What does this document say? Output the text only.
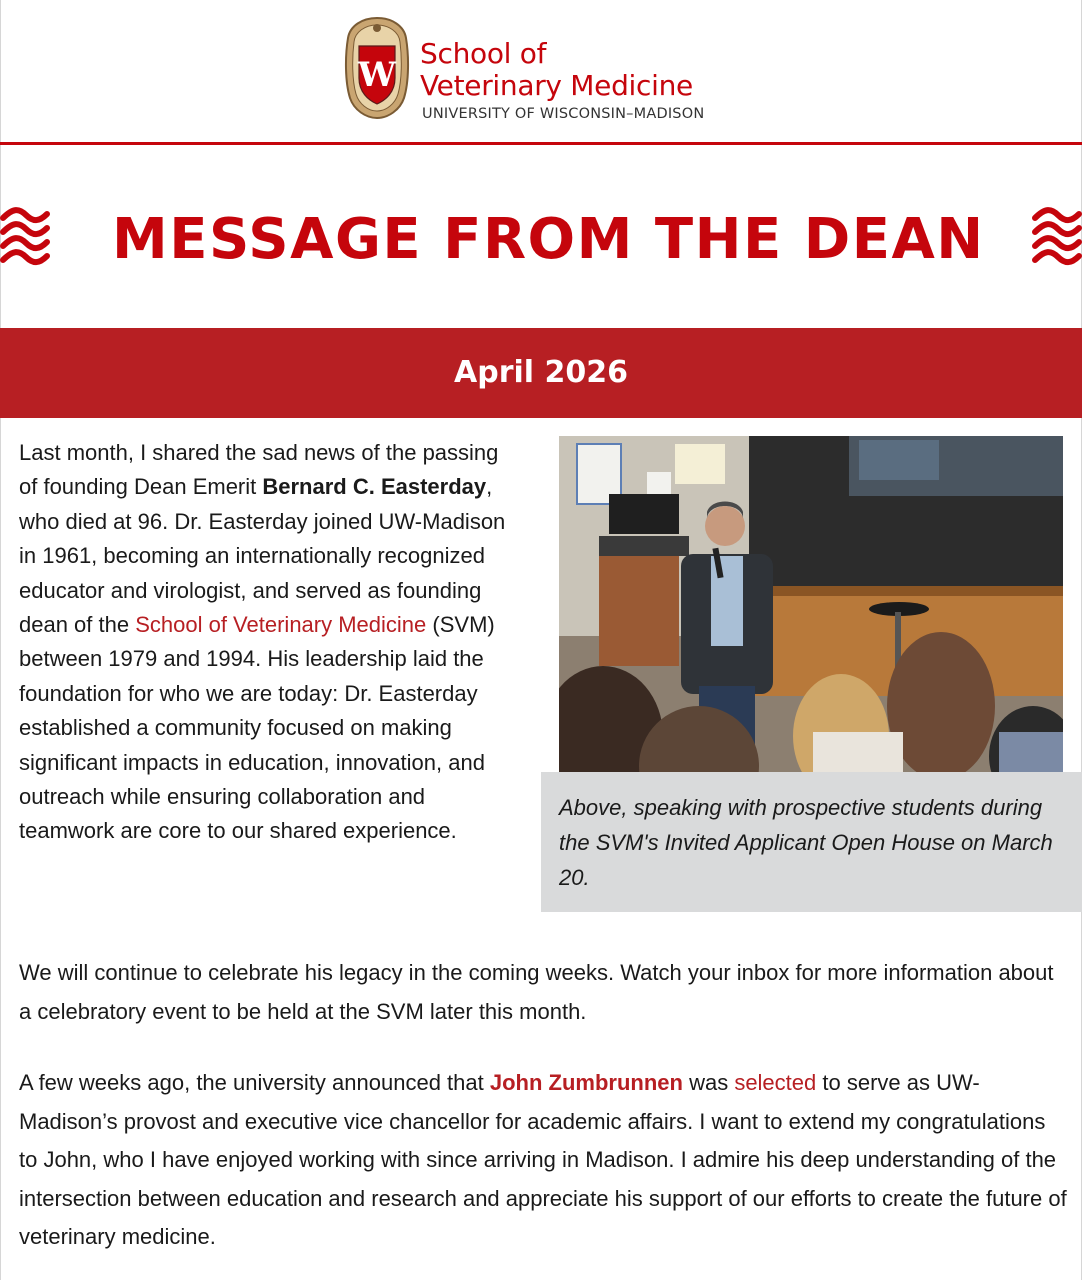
W
School of
Veterinary Medicine
UNIVERSITY OF WISCONSIN–MADISON
MESSAGE FROM THE DEAN
April 2026
Last month, I shared the sad news of the passing of founding Dean Emerit Bernard C. Easterday, who died at 96. Dr. Easterday joined UW-Madison in 1961, becoming an internationally recognized educator and virologist, and served as founding dean of the School of Veterinary Medicine (SVM) between 1979 and 1994. His leadership laid the foundation for who we are today: Dr. Easterday established a community focused on making significant impacts in education, innovation, and outreach while ensuring collaboration and teamwork are core to our shared experience.
Above, speaking with prospective students during the SVM's Invited Applicant Open House on March 20.
We will continue to celebrate his legacy in the coming weeks. Watch your inbox for more information about a celebratory event to be held at the SVM later this month.
A few weeks ago, the university announced that John Zumbrunnen was selected to serve as UW-Madison’s provost and executive vice chancellor for academic affairs. I want to extend my congratulations to John, who I have enjoyed working with since arriving in Madison. I admire his deep understanding of the intersection between education and research and appreciate his support of our efforts to create the future of veterinary medicine.
